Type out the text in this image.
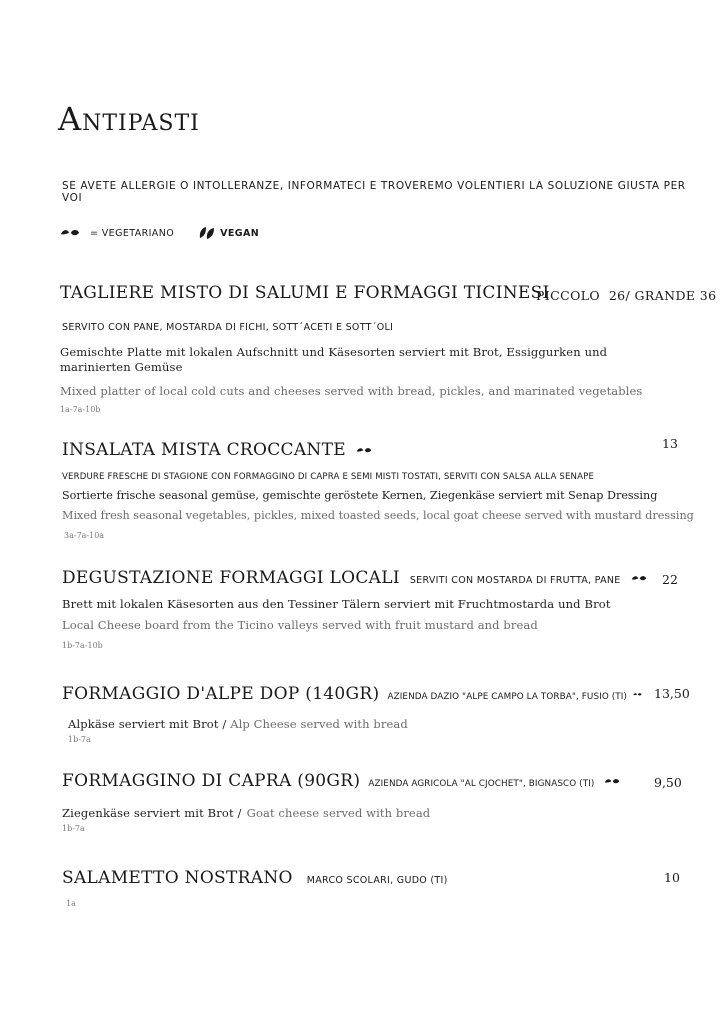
Antipasti
SE AVETE ALLERGIE O INTOLLERANZE, INFORMATECI E TROVEREMO VOLENTIERI LA SOLUZIONE GIUSTA PER VOI
= VEGETARIANO	VEGAN
TAGLIERE MISTO DI SALUMI E FORMAGGI TICINESI
PICCOLO  26/ GRANDE 36
SERVITO CON PANE, MOSTARDA DI FICHI, SOTT´ACETI E SOTT´OLI
Gemischte Platte mit lokalen Aufschnitt und Käsesorten serviert mit Brot, Essiggurken und marinierten Gemüse
Mixed platter of local cold cuts and cheeses served with bread, pickles, and marinated vegetables
1a-7a-10b
INSALATA MISTA CROCCANTE	13
VERDURE FRESCHE DI STAGIONE CON FORMAGGINO DI CAPRA E SEMI MISTI TOSTATI, SERVITI CON SALSA ALLA SENAPE
Sortierte frische seasonal gemüse, gemischte geröstete Kernen, Ziegenkäse serviert mit Senap Dressing
Mixed fresh seasonal vegetables, pickles, mixed toasted seeds, local goat cheese served with mustard dressing
3a-7a-10a
DEGUSTAZIONE FORMAGGI LOCALI SERVITI CON MOSTARDA DI FRUTTA, PANE	22
Brett mit lokalen Käsesorten aus den Tessiner Tälern serviert mit Fruchtmostarda und Brot
Local Cheese board from the Ticino valleys served with fruit mustard and bread
1b-7a-10b
FORMAGGIO D'ALPE DOP (140GR) AZIENDA DAZIO "ALPE CAMPO LA TORBA", FUSIO (TI) 13,50
Alpkäse serviert mit Brot / Alp Cheese served with bread
1b-7a
FORMAGGINO DI CAPRA (90GR) AZIENDA AGRICOLA "AL CJOCHET", BIGNASCO (TI)	9,50
Ziegenkäse serviert mit Brot / Goat cheese served with bread
1b-7a
SALAMETTO NOSTRANO MARCO SCOLARI, GUDO (TI)	10
1a
